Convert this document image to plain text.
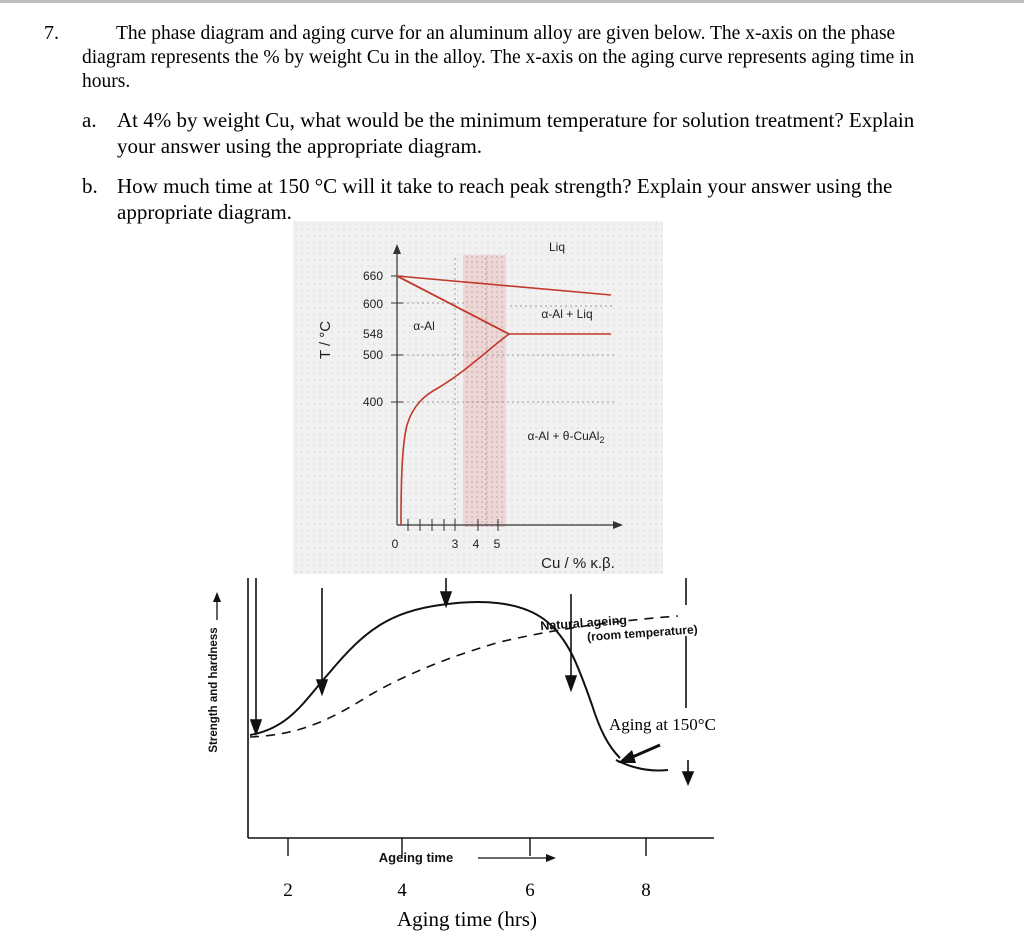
7.	The phase diagram and aging curve for an aluminum alloy are given below. The x-axis on the phase diagram represents the % by weight Cu in the alloy. The x-axis on the aging curve represents aging time in hours.
a. At 4% by weight Cu, what would be the minimum temperature for solution treatment? Explain your answer using the appropriate diagram.
b. How much time at 150 °C will it take to reach peak strength? Explain your answer using the appropriate diagram.
660
600
548
500
400
0	3 4 5
T / °C
Cu / % κ.β.
Liq
α-Al
α-Al + Liq
α-Al + θ-CuAl$_2$
Strength and hardness
Natural ageing
(room temperature)
Aging at 150°C
Ageing time
2	4	6	8
Aging time (hrs)
